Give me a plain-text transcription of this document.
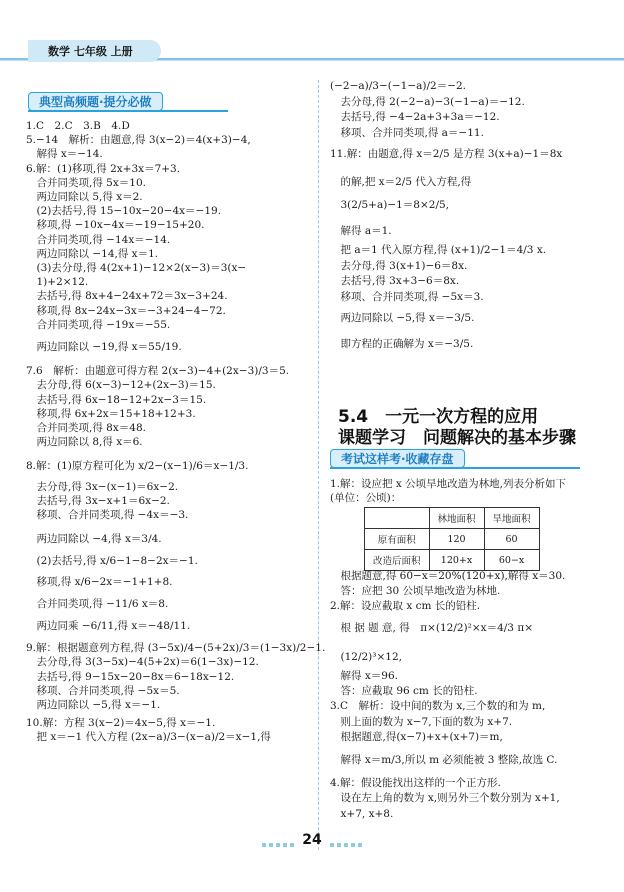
数学 七年级 上册
典型高频题·提分必做
1.C　2.C　3.B　4.D
5.−14　解析：由题意,得 3(x−2)＝4(x+3)−4,
　解得 x＝−14.
6.解：(1)移项,得 2x+3x＝7+3.
　合并同类项,得 5x＝10.
　两边同除以 5,得 x＝2.
　(2)去括号,得 15−10x−20−4x＝−19.
　移项,得 −10x−4x＝−19−15+20.
　合并同类项,得 −14x＝−14.
　两边同除以 −14,得 x＝1.
　(3)去分母,得 4(2x+1)−12×2(x−3)＝3(x−
　1)+2×12.
　去括号,得 8x+4−24x+72＝3x−3+24.
　移项,得 8x−24x−3x＝−3+24−4−72.
　合并同类项,得 −19x＝−55.
　两边同除以 −19,得 x＝55/19.
7.6　解析：由题意可得方程 2(x−3)−4+(2x−3)/3＝5.
　去分母,得 6(x−3)−12+(2x−3)＝15.
　去括号,得 6x−18−12+2x−3＝15.
　移项,得 6x+2x＝15+18+12+3.
　合并同类项,得 8x＝48.
　两边同除以 8,得 x＝6.
8.解：(1)原方程可化为 x/2−(x−1)/6＝x−1/3.
　去分母,得 3x−(x−1)＝6x−2.
　去括号,得 3x−x+1＝6x−2.
　移项、合并同类项,得 −4x＝−3.
　两边同除以 −4,得 x＝3/4.
　(2)去括号,得 x/6−1−8−2x＝−1.
　移项,得 x/6−2x＝−1+1+8.
　合并同类项,得 −11/6 x＝8.
　两边同乘 −6/11,得 x＝−48/11.
9.解：根据题意列方程,得 (3−5x)/4−(5+2x)/3＝(1−3x)/2−1.
　去分母,得 3(3−5x)−4(5+2x)＝6(1−3x)−12.
　去括号,得 9−15x−20−8x＝6−18x−12.
　移项、合并同类项,得 −5x＝5.
　两边同除以 −5,得 x＝−1.
10.解：方程 3(x−2)＝4x−5,得 x＝−1.
　把 x＝−1 代入方程 (2x−a)/3−(x−a)/2＝x−1,得
(−2−a)/3−(−1−a)/2＝−2.
　去分母,得 2(−2−a)−3(−1−a)＝−12.
　去括号,得 −4−2a+3+3a＝−12.
　移项、合并同类项,得 a＝−11.
11.解：由题意,得 x＝2/5 是方程 3(x+a)−1＝8x
　的解,把 x＝2/5 代入方程,得
　3(2/5+a)−1＝8×2/5,
　解得 a＝1.
　把 a＝1 代入原方程,得 (x+1)/2−1＝4/3 x.
　去分母,得 3(x+1)−6＝8x.
　去括号,得 3x+3−6＝8x.
　移项、合并同类项,得 −5x＝3.
　两边同除以 −5,得 x＝−3/5.
　即方程的正确解为 x＝−3/5.
5.4　一元一次方程的应用
课题学习　问题解决的基本步骤
考试这样考·收藏存盘
1.解：设应把 x 公顷旱地改造为林地,列表分析如下
(单位：公顷)：
	林地面积	旱地面积
原有面积	120	60
改造后面积	120+x	60−x
　根据题意,得 60−x＝20%(120+x),解得 x＝30.
　答：应把 30 公顷旱地改造为林地.
2.解：设应截取 x cm 长的铅柱.
　根 据 题 意, 得　π×(12/2)²×x＝4/3 π×
　(12/2)³×12,
　解得 x＝96.
　答：应截取 96 cm 长的铅柱.
3.C　解析：设中间的数为 x,三个数的和为 m,
　则上面的数为 x−7,下面的数为 x+7.
　根据题意,得(x−7)+x+(x+7)＝m,
　解得 x＝m/3,所以 m 必须能被 3 整除,故选 C.
4.解：假设能找出这样的一个正方形.
　设在左上角的数为 x,则另外三个数分别为 x+1,
　x+7, x+8.
24
